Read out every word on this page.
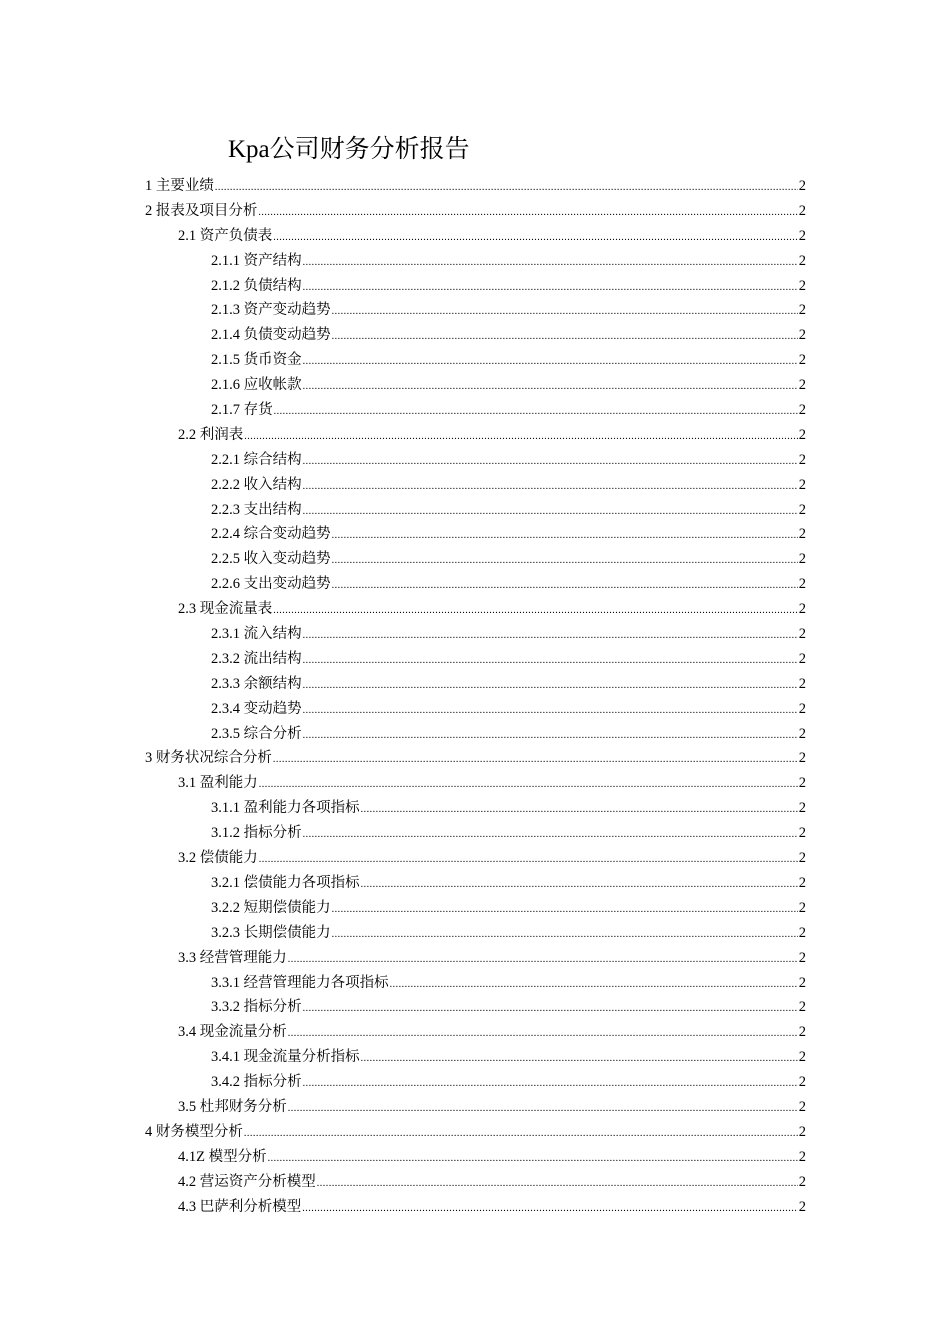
Kpa公司财务分析报告
1 主要业绩 .....	2
2 报表及项目分析 .....	2
2.1 资产负债表 .....	2
2.1.1 资产结构 .....	2
2.1.2 负债结构 .....	2
2.1.3 资产变动趋势 .....	2
2.1.4 负债变动趋势 .....	2
2.1.5 货币资金 .....	2
2.1.6 应收帐款 .....	2
2.1.7 存货 .....	2
2.2 利润表 .....	2
2.2.1 综合结构 .....	2
2.2.2 收入结构 .....	2
2.2.3 支出结构 .....	2
2.2.4 综合变动趋势 .....	2
2.2.5 收入变动趋势 .....	2
2.2.6 支出变动趋势 .....	2
2.3 现金流量表 .....	2
2.3.1 流入结构 .....	2
2.3.2 流出结构 .....	2
2.3.3 余额结构 .....	2
2.3.4 变动趋势 .....	2
2.3.5 综合分析 .....	2
3 财务状况综合分析 .....	2
3.1 盈利能力 .....	2
3.1.1 盈利能力各项指标 .....	2
3.1.2 指标分析 .....	2
3.2 偿债能力 .....	2
3.2.1 偿债能力各项指标 .....	2
3.2.2 短期偿债能力 .....	2
3.2.3 长期偿债能力 .....	2
3.3 经营管理能力 .....	2
3.3.1 经营管理能力各项指标 .....	2
3.3.2 指标分析 .....	2
3.4 现金流量分析 .....	2
3.4.1 现金流量分析指标 .....	2
3.4.2 指标分析 .....	2
3.5 杜邦财务分析 .....	2
4 财务模型分析 .....	2
4.1Z 模型分析 .....	2
4.2 营运资产分析模型 .....	2
4.3 巴萨利分析模型 .....	2
